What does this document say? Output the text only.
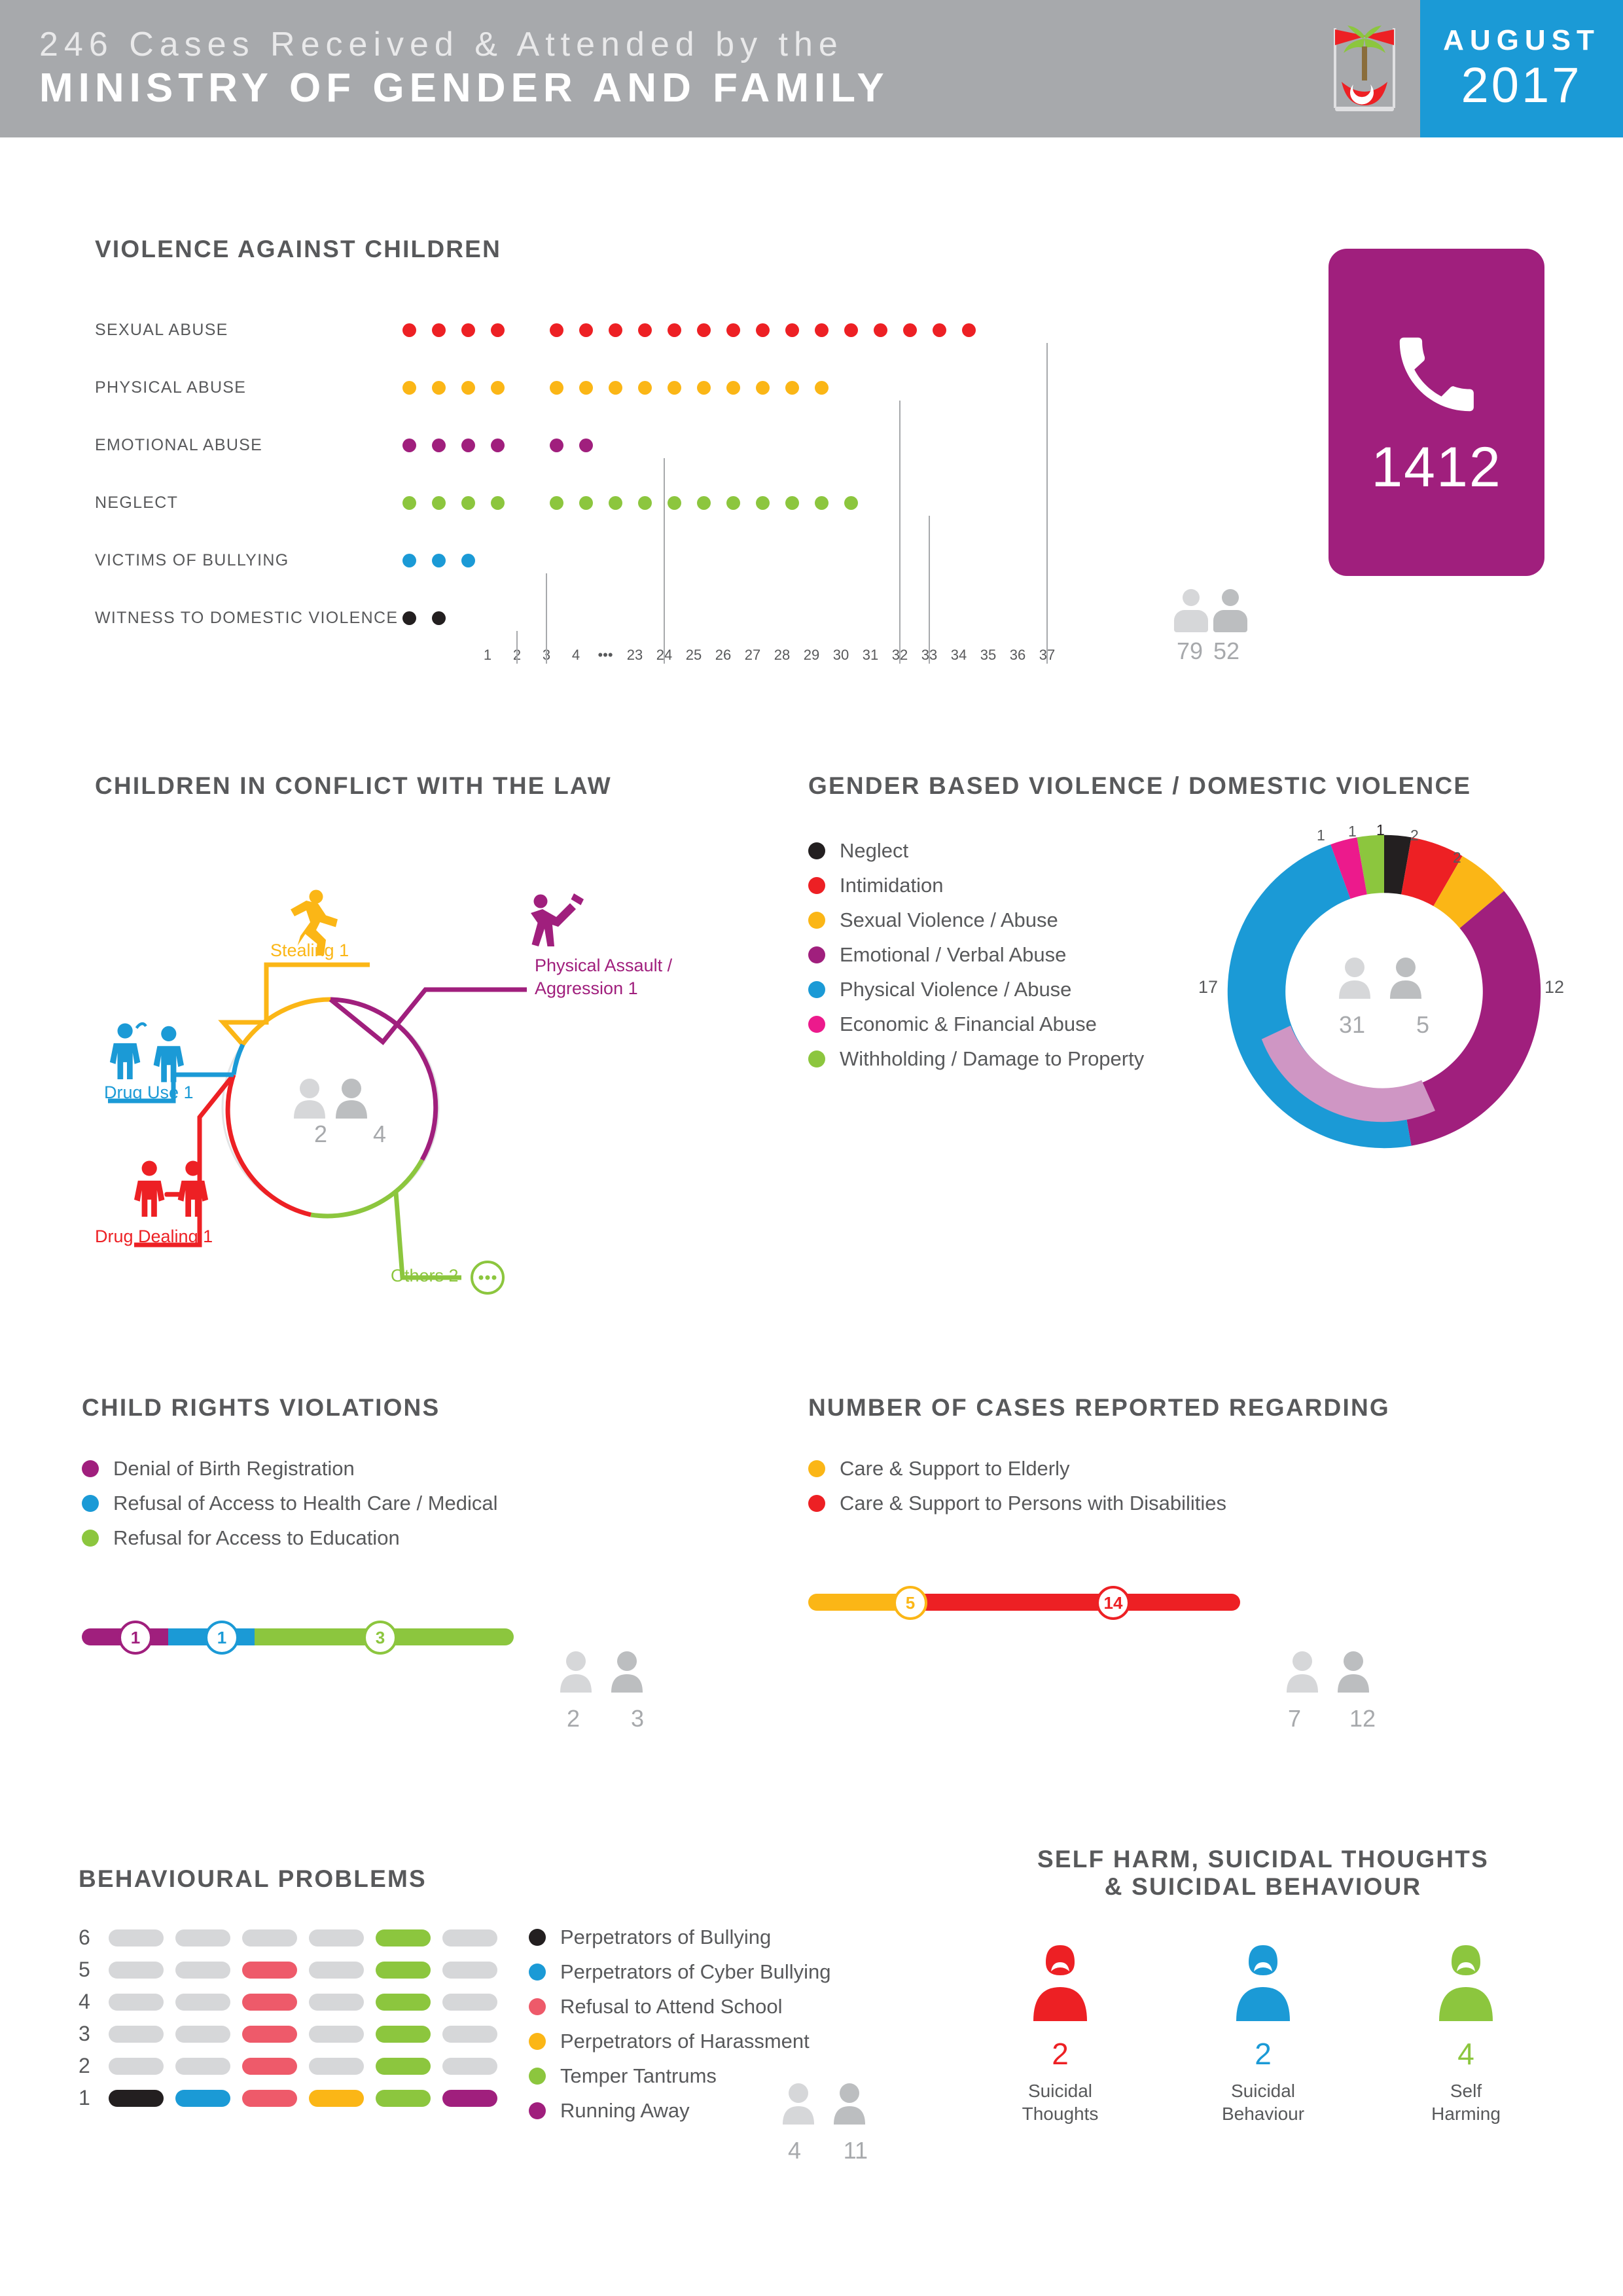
246 Cases Received & Attended by the
MINISTRY OF GENDER AND FAMILY
AUGUST
2017
VIOLENCE AGAINST CHILDREN
SEXUAL ABUSE
PHYSICAL ABUSE
EMOTIONAL ABUSE
NEGLECT
VICTIMS OF BULLYING
WITNESS TO DOMESTIC VIOLENCE
1	2	3	4	••• 23 24 25 26 27 28 29 30 31 32 33 34 35 36 37	79 52
1412
CHILDREN IN CONFLICT WITH THE LAW
2 4
Stealing 1
Physical Assault / Aggression 1
Others 2
Drug Dealing 1
Drug Use 1
GENDER BASED VIOLENCE / DOMESTIC VIOLENCE
Neglect
Intimidation
Sexual Violence / Abuse
Emotional / Verbal Abuse
Physical Violence / Abuse
Economic & Financial Abuse
Withholding / Damage to Property
31 5
17	12
1 1 1 2
2
CHILD RIGHTS VIOLATIONS
Denial of Birth Registration
Refusal of Access to Health Care / Medical
Refusal for Access to Education
1	1	3
2 3
NUMBER OF CASES REPORTED REGARDING
Care & Support to Elderly
Care & Support to Persons with Disabilities
5	14
7 12
BEHAVIOURAL PROBLEMS
6
5
4
3
2
1
Perpetrators of Bullying
Perpetrators of Cyber Bullying
Refusal to Attend School
Perpetrators of Harassment
Temper Tantrums
Running Away
4 11
SELF HARM, SUICIDAL THOUGHTS
& SUICIDAL BEHAVIOUR
2
Suicidal
Thoughts
2
Suicidal
Behaviour
4
Self
Harming
